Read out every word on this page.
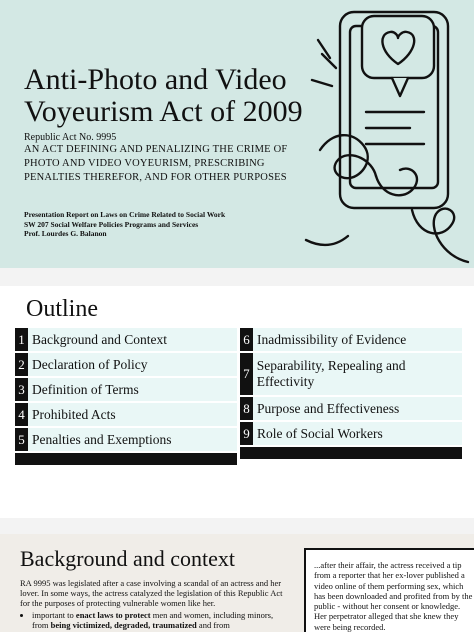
Anti-Photo and Video Voyeurism Act of 2009
Republic Act No. 9995
AN ACT DEFINING AND PENALIZING THE CRIME OF PHOTO AND VIDEO VOYEURISM, PRESCRIBING PENALTIES THEREFOR, AND FOR OTHER PURPOSES
Presentation Report on Laws on Crime Related to Social Work
SW 207 Social Welfare Policies Programs and Services
Prof. Lourdes G. Balanon
Outline
1 Background and Context
2 Declaration of Policy
3 Definition of Terms
4 Prohibited Acts
5 Penalties and Exemptions
6 Inadmissibility of Evidence
7
Separability, Repealing and Effectivity
8 Purpose and Effectiveness
9 Role of Social Workers
Background and context
RA 9995 was legislated after a case involving a scandal of an actress and her lover. In some ways, the actress catalyzed the legislation of this Republic Act for the purposes of protecting vulnerable women like her.
• important to enact laws to protect men and women, including minors, from being victimized, degraded, traumatized and from
...after their affair, the actress received a tip from a reporter that her ex-lover published a video online of them performing sex, which has been downloaded and profited from by the public - without her consent or knowledge. Her perpetrator alleged that she knew they were being recorded.
